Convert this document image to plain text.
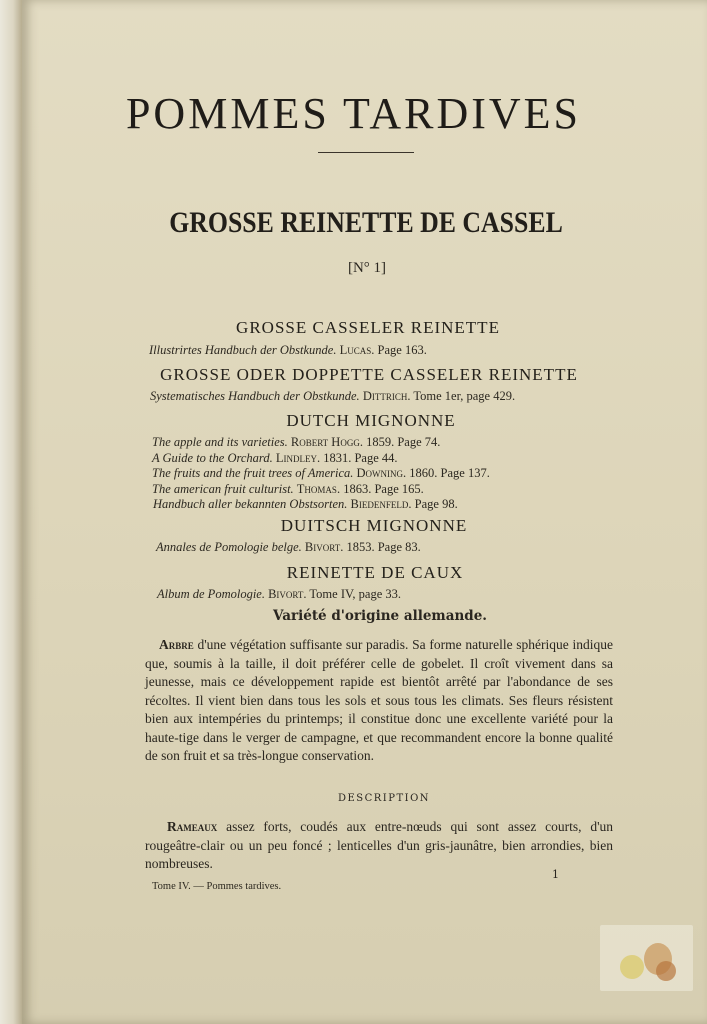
POMMES TARDIVES
GROSSE REINETTE DE CASSEL
[N° 1]
GROSSE CASSELER REINETTE
Illustrirtes Handbuch der Obstkunde. Lucas. Page 163.
GROSSE ODER DOPPETTE CASSELER REINETTE
Systematisches Handbuch der Obstkunde. Dittrich. Tome 1er, page 429.
DUTCH MIGNONNE
The apple and its varieties. Robert Hogg. 1859. Page 74.
A Guide to the Orchard. Lindley. 1831. Page 44.
The fruits and the fruit trees of America. Downing. 1860. Page 137.
The american fruit culturist. Thomas. 1863. Page 165.
Handbuch aller bekannten Obstsorten. Biedenfeld. Page 98.
DUITSCH MIGNONNE
Annales de Pomologie belge. Bivort. 1853. Page 83.
REINETTE DE CAUX
Album de Pomologie. Bivort. Tome IV, page 33.
Variété d'origine allemande.
Arbre d'une végétation suffisante sur paradis. Sa forme naturelle sphérique indique que, soumis à la taille, il doit préférer celle de gobelet. Il croît vivement dans sa jeunesse, mais ce développement rapide est bientôt arrêté par l'abondance de ses récoltes. Il vient bien dans tous les sols et sous tous les climats. Ses fleurs résistent bien aux intempéries du printemps; il constitue donc une excellente variété pour la haute-tige dans le verger de campagne, et que recommandent encore la bonne qualité de son fruit et sa très-longue conservation.
DESCRIPTION
Rameaux assez forts, coudés aux entre-nœuds qui sont assez courts, d'un rougeâtre-clair ou un peu foncé ; lenticelles d'un gris-jaunâtre, bien arrondies, bien nombreuses.
1
Tome IV. — Pommes tardives.
